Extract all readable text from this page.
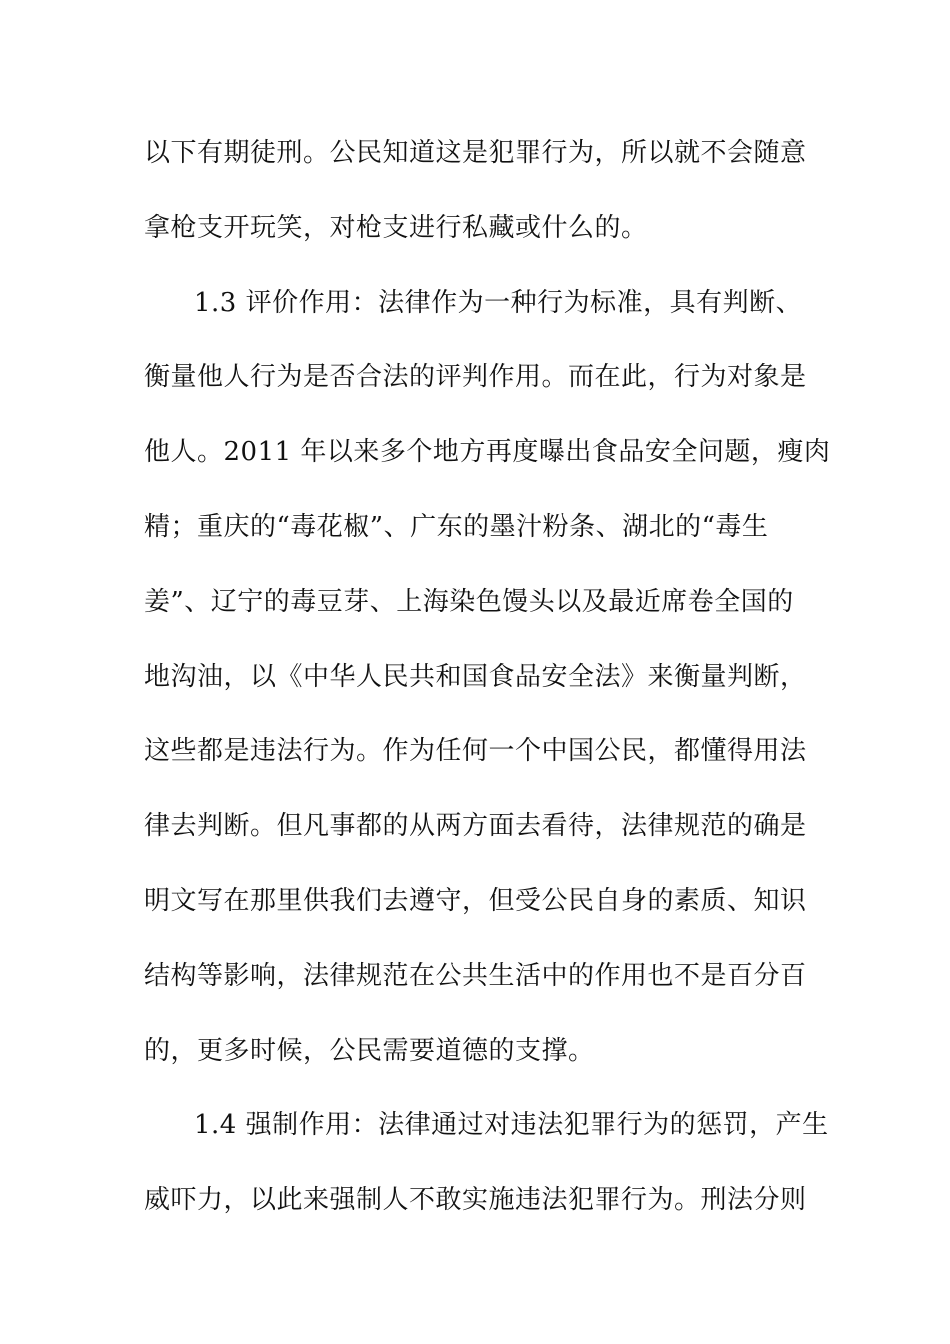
以下有期徒刑。公民知道这是犯罪行为，所以就不会随意
拿枪支开玩笑，对枪支进行私藏或什么的。
1.3 评价作用：法律作为一种行为标准，具有判断、
衡量他人行为是否合法的评判作用。而在此，行为对象是
他人。2011 年以来多个地方再度曝出食品安全问题，瘦肉
精；重庆的“毒花椒”、广东的墨汁粉条、湖北的“毒生
姜”、辽宁的毒豆芽、上海染色馒头以及最近席卷全国的
地沟油，以《中华人民共和国食品安全法》来衡量判断，
这些都是违法行为。作为任何一个中国公民，都懂得用法
律去判断。但凡事都的从两方面去看待，法律规范的确是
明文写在那里供我们去遵守，但受公民自身的素质、知识
结构等影响，法律规范在公共生活中的作用也不是百分百
的，更多时候，公民需要道德的支撑。
1.4 强制作用：法律通过对违法犯罪行为的惩罚，产生
威吓力，以此来强制人不敢实施违法犯罪行为。刑法分则
